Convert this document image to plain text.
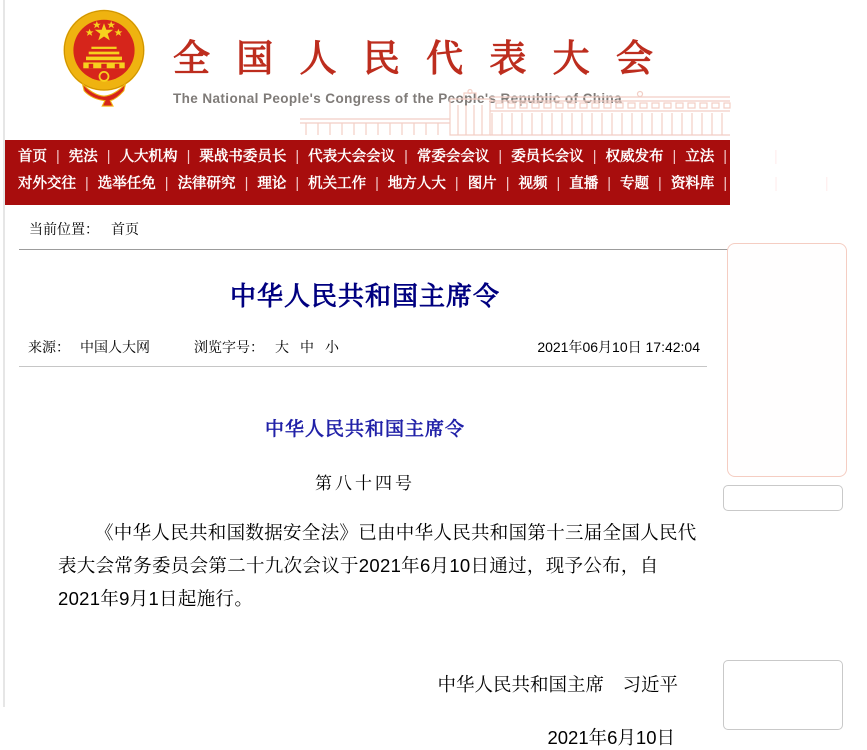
全 国 人 民 代 表 大 会
The National People's Congress of the People's Republic of China
首页 | 宪法 | 人大机构 | 栗战书委员长 | 代表大会会议 | 常委会会议 | 委员长会议 | 权威发布 | 立法 | 监督 | 代表
对外交往 | 选举任免 | 法律研究 | 理论 | 机关工作 | 地方人大 | 图片 | 视频 | 直播 | 专题 | 资料库 | 国旗 | 国歌 | 国徽
当前位置： 首页
中华人民共和国主席令
来源： 中国人大网	浏览字号： 大 中 小	2021年06月10日 17:42:04
中华人民共和国主席令
第八十四号
《中华人民共和国数据安全法》已由中华人民共和国第十三届全国人民代表大会常务委员会第二十九次会议于2021年6月10日通过，现予公布，自2021年9月1日起施行。
中华人民共和国主席　习近平
2021年6月10日
